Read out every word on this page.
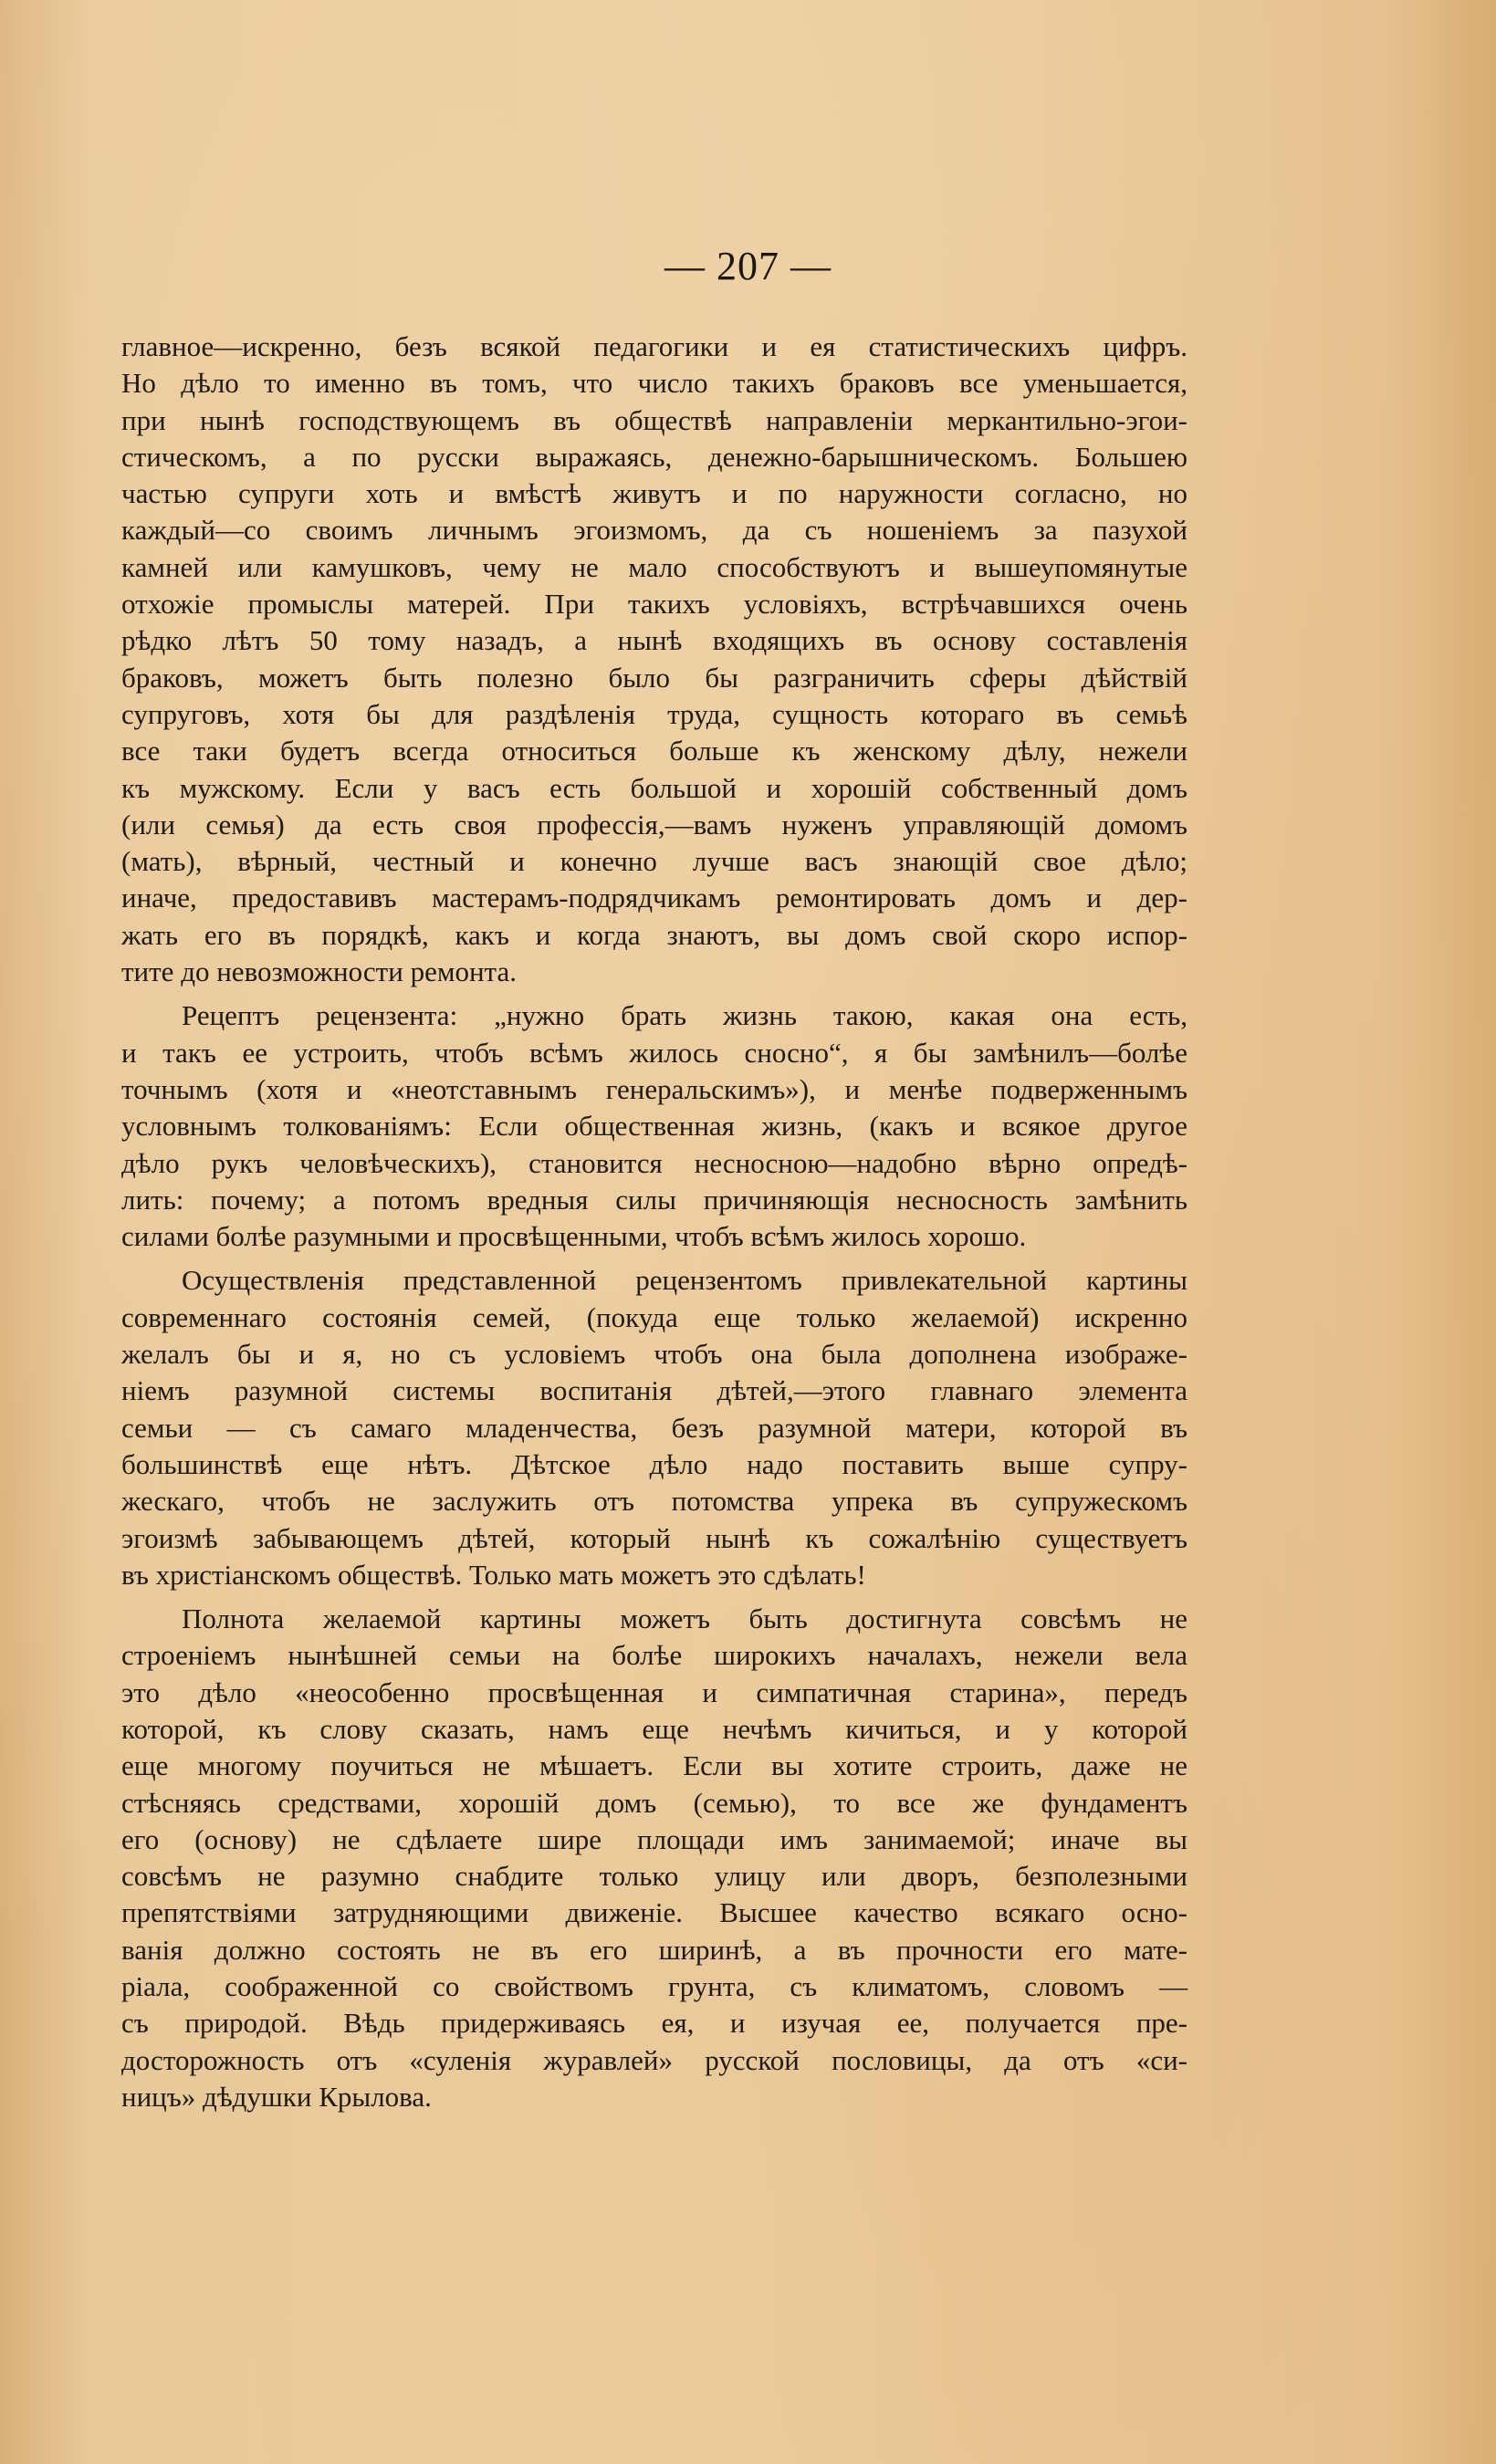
— 207 —
главное—искренно, безъ всякой педагогики и ея статистическихъ цифръ.
Но дѣло то именно въ томъ, что число такихъ браковъ все уменьшается,
при нынѣ господствующемъ въ обществѣ направленіи меркантильно-эгои-
стическомъ, а по русски выражаясь, денежно-барышническомъ. Большею
частью супруги хоть и вмѣстѣ живутъ и по наружности согласно, но
каждый—со своимъ личнымъ эгоизмомъ, да съ ношеніемъ за пазухой
камней или камушковъ, чему не мало способствуютъ и вышеупомянутые
отхожіе промыслы матерей. При такихъ условіяхъ, встрѣчавшихся очень
рѣдко лѣтъ 50 тому назадъ, а нынѣ входящихъ въ основу составленія
браковъ, можетъ быть полезно было бы разграничить сферы дѣйствій
супруговъ, хотя бы для раздѣленія труда, сущность котораго въ семьѣ
все таки будетъ всегда относиться больше къ женскому дѣлу, нежели
къ мужскому. Если у васъ есть большой и хорошій собственный домъ
(или семья) да есть своя профессія,—вамъ нуженъ управляющій домомъ
(мать), вѣрный, честный и конечно лучше васъ знающій свое дѣло;
иначе, предоставивъ мастерамъ-подрядчикамъ ремонтировать домъ и дер-
жать его въ порядкѣ, какъ и когда знаютъ, вы домъ свой скоро испор-
тите до невозможности ремонта.
Рецептъ рецензента: „нужно брать жизнь такою, какая она есть,
и такъ ее устроить, чтобъ всѣмъ жилось сносно“, я бы замѣнилъ—болѣе
точнымъ (хотя и «неотставнымъ генеральскимъ»), и менѣе подверженнымъ
условнымъ толкованіямъ: Если общественная жизнь, (какъ и всякое другое
дѣло рукъ человѣческихъ), становится несносною—надобно вѣрно опредѣ-
лить: почему; а потомъ вредныя силы причиняющія несносность замѣнить
силами болѣе разумными и просвѣщенными, чтобъ всѣмъ жилось хорошо.
Осуществленія представленной рецензентомъ привлекательной картины
современнаго состоянія семей, (покуда еще только желаемой) искренно
желалъ бы и я, но съ условіемъ чтобъ она была дополнена изображе-
ніемъ разумной системы воспитанія дѣтей,—этого главнаго элемента
семьи — съ самаго младенчества, безъ разумной матери, которой въ
большинствѣ еще нѣтъ. Дѣтское дѣло надо поставить выше супру-
жескаго, чтобъ не заслужить отъ потомства упрека въ супружескомъ
эгоизмѣ забывающемъ дѣтей, который нынѣ къ сожалѣнію существуетъ
въ христіанскомъ обществѣ. Только мать можетъ это сдѣлать!
Полнота желаемой картины можетъ быть достигнута совсѣмъ не
строеніемъ нынѣшней семьи на болѣе широкихъ началахъ, нежели вела
это дѣло «неособенно просвѣщенная и симпатичная старина», передъ
которой, къ слову сказать, намъ еще нечѣмъ кичиться, и у которой
еще многому поучиться не мѣшаетъ. Если вы хотите строить, даже не
стѣсняясь средствами, хорошій домъ (семью), то все же фундаментъ
его (основу) не сдѣлаете шире площади имъ занимаемой; иначе вы
совсѣмъ не разумно снабдите только улицу или дворъ, безполезными
препятствіями затрудняющими движеніе. Высшее качество всякаго осно-
ванія должно состоять не въ его ширинѣ, а въ прочности его мате-
ріала, соображенной со свойствомъ грунта, съ климатомъ, словомъ —
съ природой. Вѣдь придерживаясь ея, и изучая ее, получается пре-
досторожность отъ «суленія журавлей» русской пословицы, да отъ «си-
ницъ» дѣдушки Крылова.
